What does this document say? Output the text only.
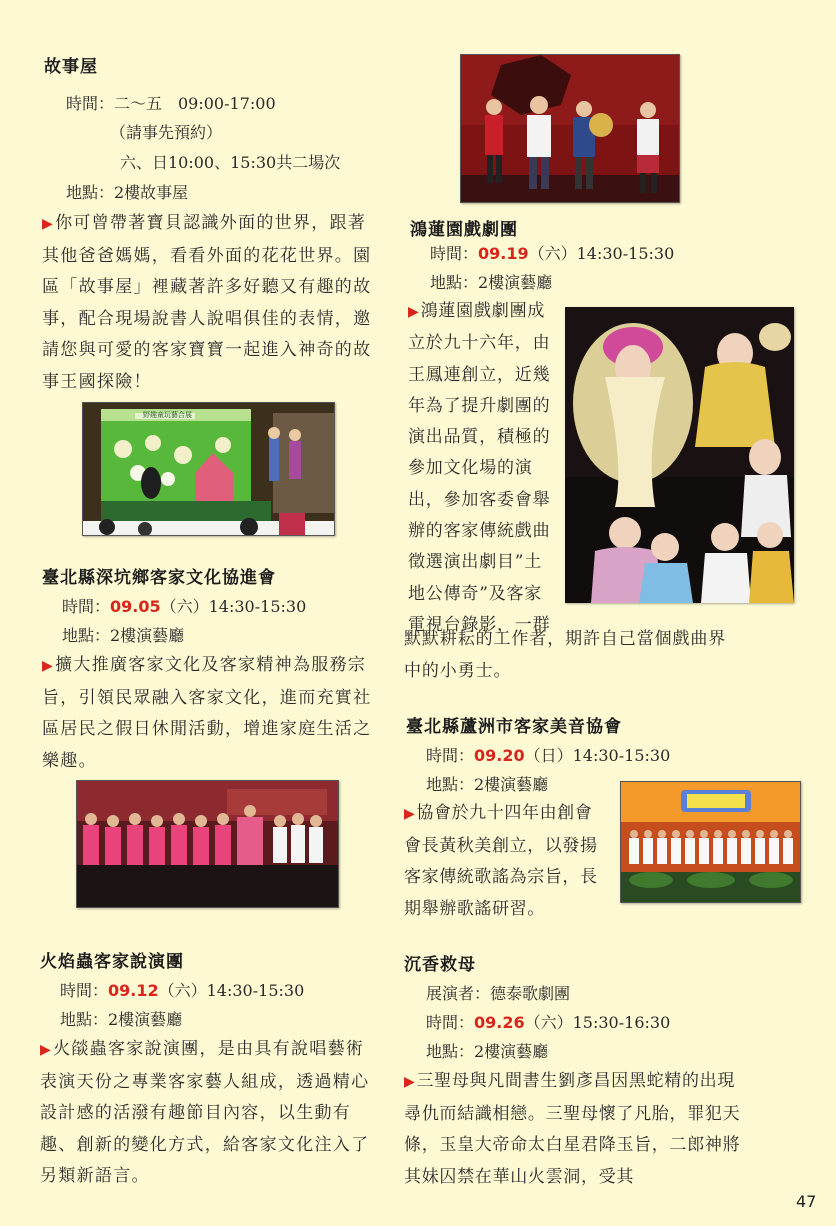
故事屋
時間：二～五　09:00-17:00
（請事先預約）
六、日10:00、15:30共二場次
地點：2樓故事屋
▶你可曾帶著寶貝認識外面的世界，跟著其他爸爸媽媽，看看外面的花花世界。園區「故事屋」裡藏著許多好聽又有趣的故事，配合現場說書人說唱俱佳的表情，邀請您與可愛的客家寶寶一起進入神奇的故事王國探險！
野趣童玩藝合展
臺北縣深坑鄉客家文化協進會
時間：09.05（六）14:30-15:30
地點：2樓演藝廳
▶擴大推廣客家文化及客家精神為服務宗旨，引領民眾融入客家文化，進而充實社區居民之假日休閒活動，增進家庭生活之樂趣。
火焰蟲客家說演團
時間：09.12（六）14:30-15:30
地點：2樓演藝廳
▶火燄蟲客家說演團，是由具有說唱藝術表演天份之專業客家藝人組成，透過精心設計感的活潑有趣節目內容，以生動有趣、創新的變化方式，給客家文化注入了另類新語言。
鴻蓮園戲劇團
時間：09.19（六）14:30-15:30
地點：2樓演藝廳
▶鴻蓮園戲劇團成
立於九十六年，由
王鳳連創立，近幾
年為了提升劇團的
演出品質，積極的
參加文化場的演
出，參加客委會舉
辦的客家傳統戲曲
徵選演出劇目”土
地公傳奇”及客家
電視台錄影，一群
默默耕耘的工作者，期許自己當個戲曲界中的小勇士。
臺北縣蘆洲市客家美音協會
時間：09.20（日）14:30-15:30
地點：2樓演藝廳
▶協會於九十四年由創會
會長黃秋美創立，以發揚
客家傳統歌謠為宗旨，長
期舉辦歌謠研習。
沉香救母
展演者：德泰歌劇團
時間：09.26（六）15:30-16:30
地點：2樓演藝廳
▶三聖母與凡間書生劉彥昌因黑蛇精的出現尋仇而結識相戀。三聖母懷了凡胎，罪犯天條，玉皇大帝命太白星君降玉旨，二郎神將其妹囚禁在華山火雲洞，受其
47
